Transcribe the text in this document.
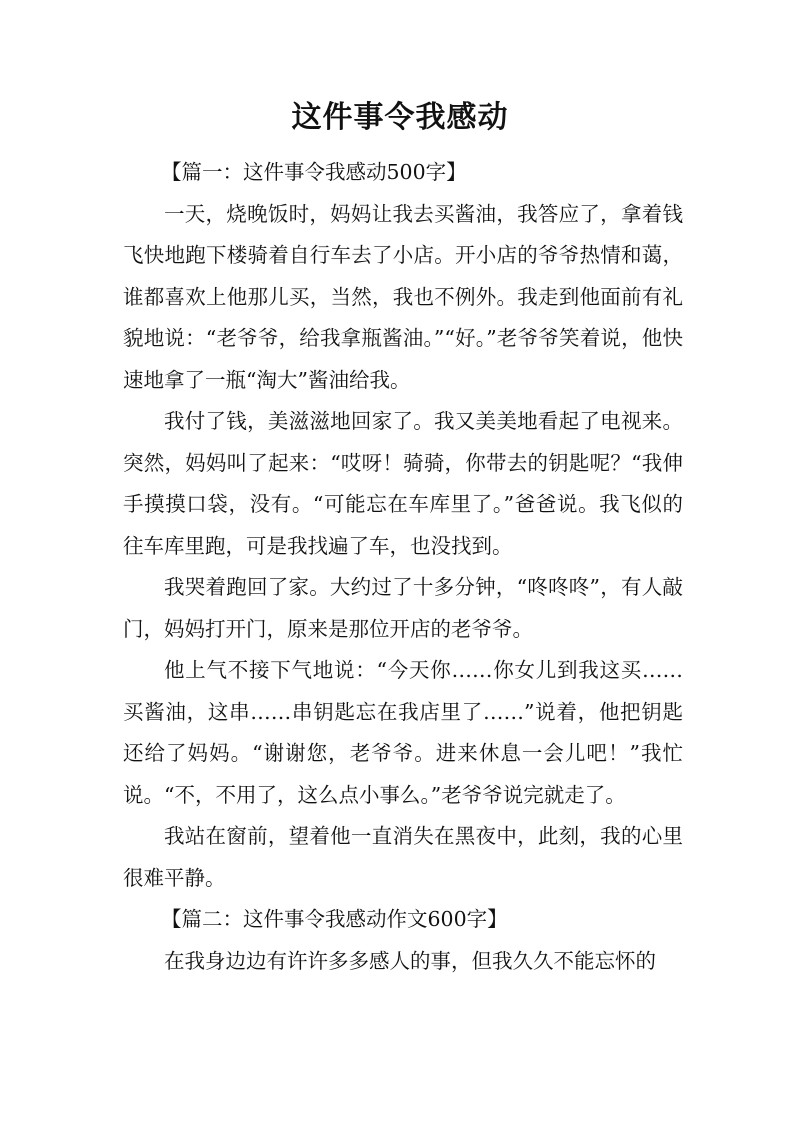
这件事令我感动

【篇一：这件事令我感动500字】

一天，烧晚饭时，妈妈让我去买酱油，我答应了，拿着钱飞快地跑下楼骑着自行车去了小店。开小店的爷爷热情和蔼，谁都喜欢上他那儿买，当然，我也不例外。我走到他面前有礼貌地说：“老爷爷，给我拿瓶酱油。”“好。”老爷爷笑着说，他快速地拿了一瓶“淘大”酱油给我。

我付了钱，美滋滋地回家了。我又美美地看起了电视来。突然，妈妈叫了起来：“哎呀！骑骑，你带去的钥匙呢？“我伸手摸摸口袋，没有。“可能忘在车库里了。”爸爸说。我飞似的往车库里跑，可是我找遍了车，也没找到。

我哭着跑回了家。大约过了十多分钟，“咚咚咚”，有人敲门，妈妈打开门，原来是那位开店的老爷爷。

他上气不接下气地说：“今天你……你女儿到我这买……买酱油，这串……串钥匙忘在我店里了……”说着，他把钥匙还给了妈妈。“谢谢您，老爷爷。进来休息一会儿吧！”我忙说。“不，不用了，这么点小事么。”老爷爷说完就走了。

我站在窗前，望着他一直消失在黑夜中，此刻，我的心里很难平静。

【篇二：这件事令我感动作文600字】

在我身边边有许许多多感人的事，但我久久不能忘怀的
